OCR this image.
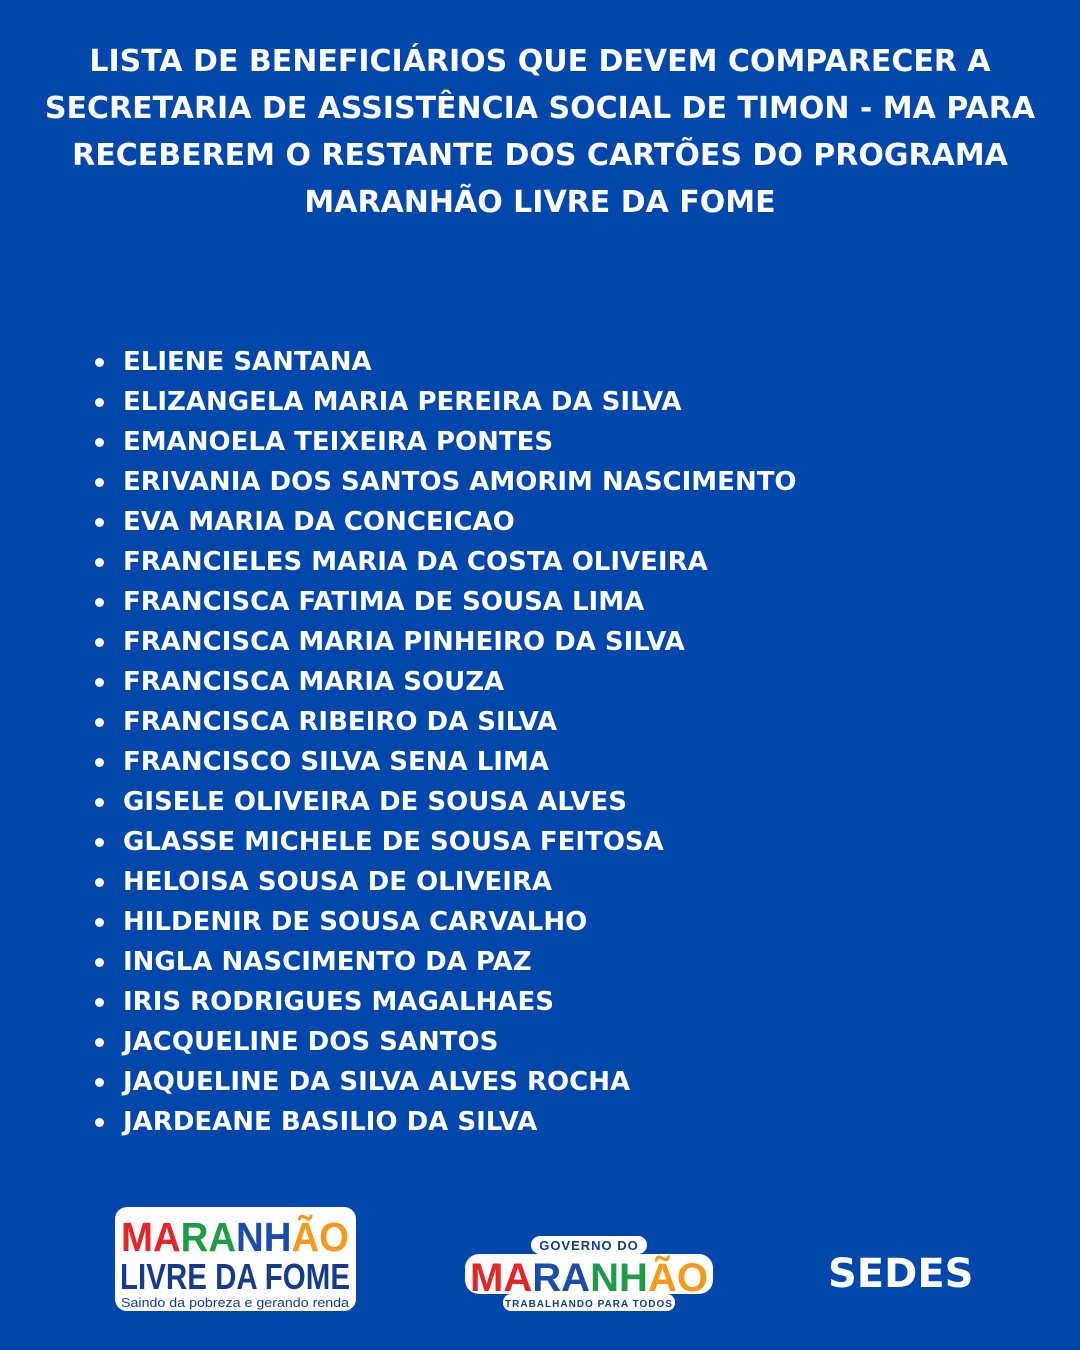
LISTA DE BENEFICIÁRIOS QUE DEVEM COMPARECER A
SECRETARIA DE ASSISTÊNCIA SOCIAL DE TIMON - MA PARA
RECEBEREM O RESTANTE DOS CARTÕES DO PROGRAMA
MARANHÃO LIVRE DA FOME
ELIENE SANTANA
ELIZANGELA MARIA PEREIRA DA SILVA
EMANOELA TEIXEIRA PONTES
ERIVANIA DOS SANTOS AMORIM NASCIMENTO
EVA MARIA DA CONCEICAO
FRANCIELES MARIA DA COSTA OLIVEIRA
FRANCISCA FATIMA DE SOUSA LIMA
FRANCISCA MARIA PINHEIRO DA SILVA
FRANCISCA MARIA SOUZA
FRANCISCA RIBEIRO DA SILVA
FRANCISCO SILVA SENA LIMA
GISELE OLIVEIRA DE SOUSA ALVES
GLASSE MICHELE DE SOUSA FEITOSA
HELOISA SOUSA DE OLIVEIRA
HILDENIR DE SOUSA CARVALHO
INGLA NASCIMENTO DA PAZ
IRIS RODRIGUES MAGALHAES
JACQUELINE DOS SANTOS
JAQUELINE DA SILVA ALVES ROCHA
JARDEANE BASILIO DA SILVA
MARANHÃO
LIVRE DA FOME
Saindo da pobreza e gerando renda
GOVERNO DO
MARANHÃO
TRABALHANDO PARA TODOS
SEDES
